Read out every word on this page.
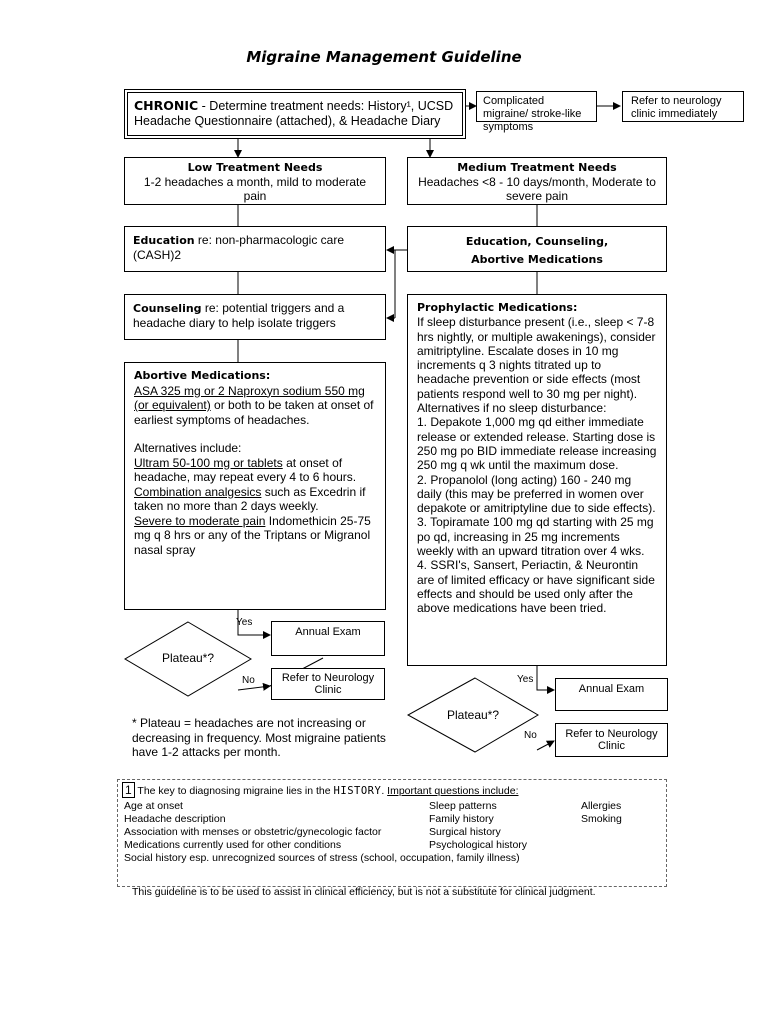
Migraine Management Guideline
CHRONIC - Determine treatment needs: History¹, UCSD Headache Questionnaire (attached), & Headache Diary
Complicated migraine/ stroke-like symptoms
Refer to neurology clinic immediately
Low Treatment Needs
1-2 headaches a month, mild to moderate pain
Medium Treatment Needs
Headaches <8 - 10 days/month, Moderate to severe pain
Education re: non-pharmacologic care (CASH)2
Education, Counseling, Abortive Medications
Counseling re: potential triggers and a headache diary to help isolate triggers
Abortive Medications:
ASA 325 mg or 2 Naproxyn sodium 550 mg (or equivalent) or both to be taken at onset of earliest symptoms of headaches.
Alternatives include:
Ultram 50-100 mg or tablets at onset of headache, may repeat every 4 to 6 hours.
Combination analgesics such as Excedrin if taken no more than 2 days weekly.
Severe to moderate pain Indomethicin 25-75 mg q 8 hrs or any of the Triptans or Migranol nasal spray
Prophylactic Medications:
If sleep disturbance present (i.e., sleep < 7-8 hrs nightly, or multiple awakenings), consider amitriptyline. Escalate doses in 10 mg increments q 3 nights titrated up to headache prevention or side effects (most patients respond well to 30 mg per night). Alternatives if no sleep disturbance:
1. Depakote 1,000 mg qd either immediate release or extended release. Starting dose is 250 mg po BID immediate release increasing 250 mg q wk until the maximum dose.
2. Propanolol (long acting) 160 - 240 mg daily (this may be preferred in women over depakote or amitriptyline due to side effects).
3. Topiramate 100 mg qd starting with 25 mg po qd, increasing in 25 mg increments weekly with an upward titration over 4 wks.
4. SSRI's, Sansert, Periactin, & Neurontin are of limited efficacy or have significant side effects and should be used only after the above medications have been tried.
Plateau*?
Yes
No
Annual Exam
Refer to Neurology Clinic
Plateau*?
Yes
No
Annual Exam
Refer to Neurology Clinic
* Plateau = headaches are not increasing or decreasing in frequency. Most migraine patients have 1-2 attacks per month.
1 The key to diagnosing migraine lies in the HISTORY. Important questions include:
Age at onset
Headache description
Association with menses or obstetric/gynecologic factor
Medications currently used for other conditions
Social history esp. unrecognized sources of stress (school, occupation, family illness)
Sleep patterns
Family history
Surgical history
Psychological history
Allergies
Smoking
This guideline is to be used to assist in clinical efficiency, but is not a substitute for clinical judgment.
